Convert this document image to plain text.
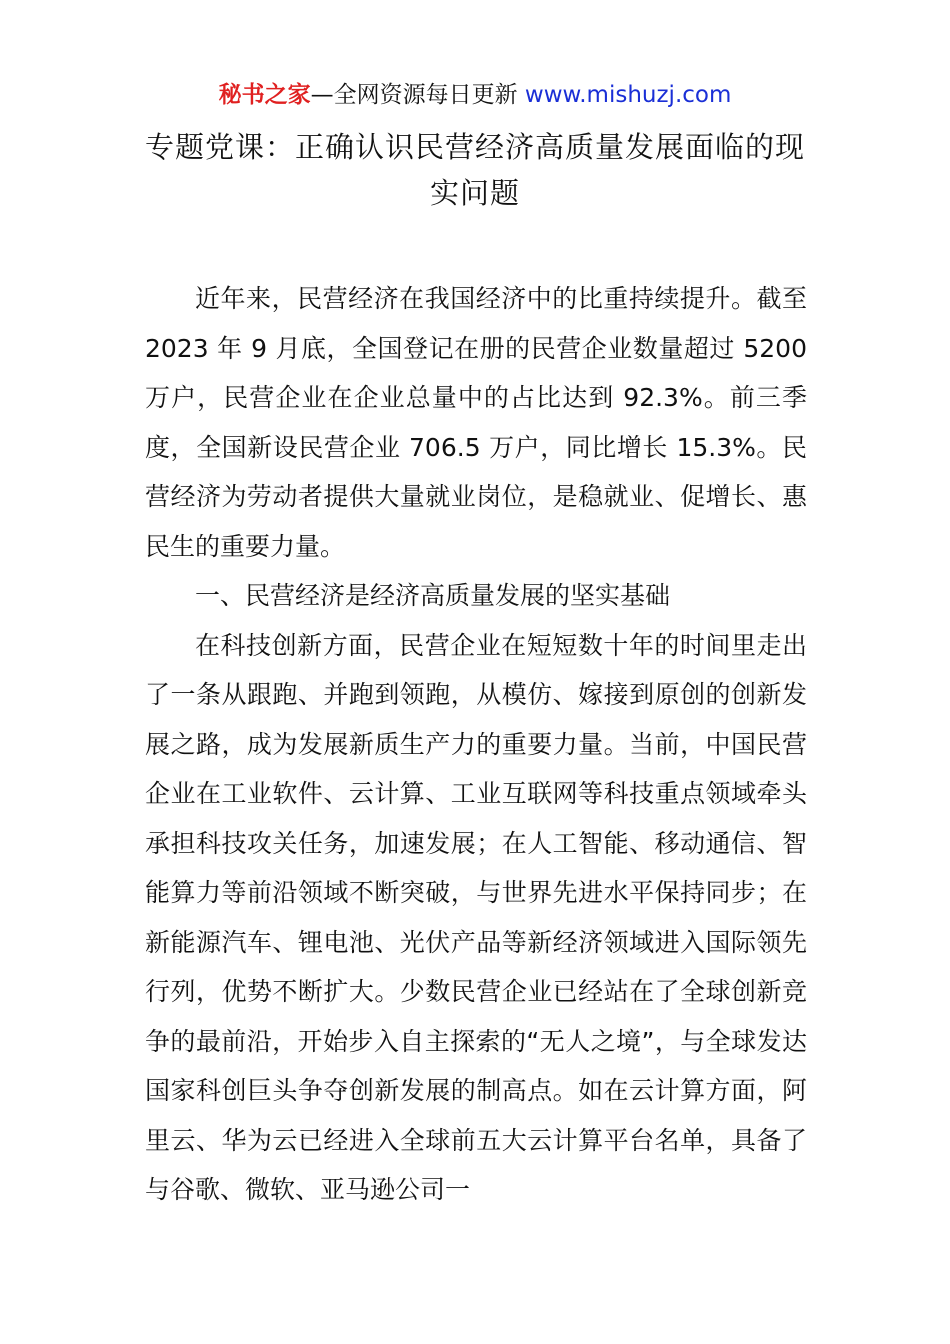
秘书之家—全网资源每日更新 www.mishuzj.com
专题党课：正确认识民营经济高质量发展面临的现实问题

近年来，民营经济在我国经济中的比重持续提升。截至 2023 年 9 月底，全国登记在册的民营企业数量超过 5200 万户，民营企业在企业总量中的占比达到 92.3%。前三季度，全国新设民营企业 706.5 万户，同比增长 15.3%。民营经济为劳动者提供大量就业岗位，是稳就业、促增长、惠民生的重要力量。

一、民营经济是经济高质量发展的坚实基础

在科技创新方面，民营企业在短短数十年的时间里走出了一条从跟跑、并跑到领跑，从模仿、嫁接到原创的创新发展之路，成为发展新质生产力的重要力量。当前，中国民营企业在工业软件、云计算、工业互联网等科技重点领域牵头承担科技攻关任务，加速发展；在人工智能、移动通信、智能算力等前沿领域不断突破，与世界先进水平保持同步；在新能源汽车、锂电池、光伏产品等新经济领域进入国际领先行列，优势不断扩大。少数民营企业已经站在了全球创新竞争的最前沿，开始步入自主探索的“无人之境”，与全球发达国家科创巨头争夺创新发展的制高点。如在云计算方面，阿里云、华为云已经进入全球前五大云计算平台名单，具备了与谷歌、微软、亚马逊公司一
